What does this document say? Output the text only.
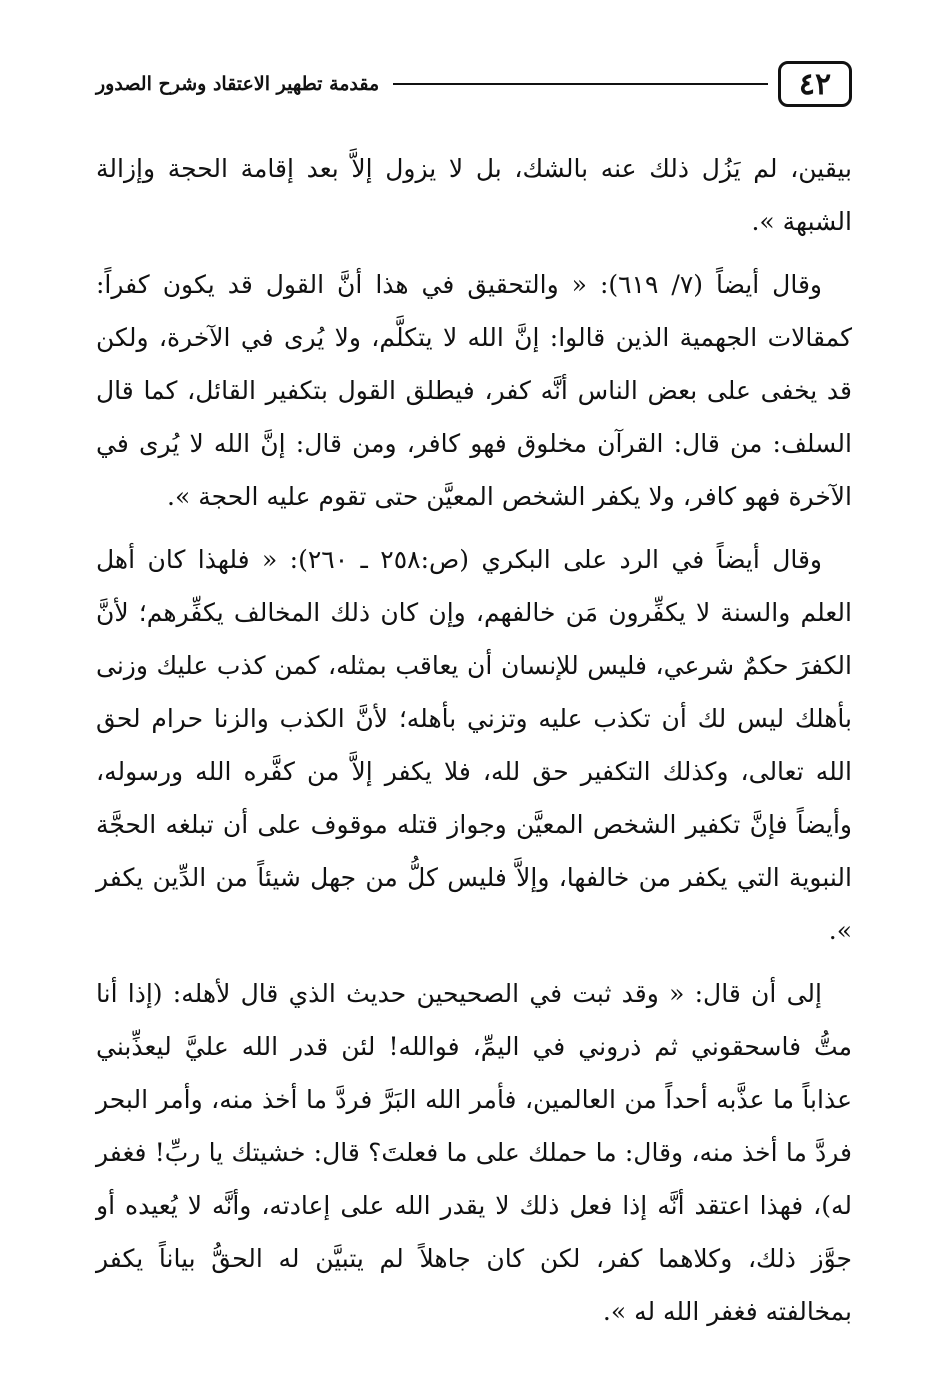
٤٢
مقدمة تطهير الاعتقاد وشرح الصدور

بيقين، لم يَزُل ذلك عنه بالشك، بل لا يزول إلاَّ بعد إقامة الحجة وإزالة الشبهة ».

وقال أيضاً (٧/ ٦١٩): « والتحقيق في هذا أنَّ القول قد يكون كفراً: كمقالات الجهمية الذين قالوا: إنَّ الله لا يتكلَّم، ولا يُرى في الآخرة، ولكن قد يخفى على بعض الناس أنَّه كفر، فيطلق القول بتكفير القائل، كما قال السلف: من قال: القرآن مخلوق فهو كافر، ومن قال: إنَّ الله لا يُرى في الآخرة فهو كافر، ولا يكفر الشخص المعيَّن حتى تقوم عليه الحجة ».

وقال أيضاً في الرد على البكري (ص:٢٥٨ ـ ٢٦٠): « فلهذا كان أهل العلم والسنة لا يكفِّرون مَن خالفهم، وإن كان ذلك المخالف يكفِّرهم؛ لأنَّ الكفرَ حكمٌ شرعي، فليس للإنسان أن يعاقب بمثله، كمن كذب عليك وزنى بأهلك ليس لك أن تكذب عليه وتزني بأهله؛ لأنَّ الكذب والزنا حرام لحق الله تعالى، وكذلك التكفير حق لله، فلا يكفر إلاَّ من كفَّره الله ورسوله، وأيضاً فإنَّ تكفير الشخص المعيَّن وجواز قتله موقوف على أن تبلغه الحجَّة النبوية التي يكفر من خالفها، وإلاَّ فليس كلُّ من جهل شيئاً من الدِّين يكفر ».

إلى أن قال: « وقد ثبت في الصحيحين حديث الذي قال لأهله: (إذا أنا متُّ فاسحقوني ثم ذروني في اليمِّ، فوالله! لئن قدر الله عليَّ ليعذِّبني عذاباً ما عذَّبه أحداً من العالمين، فأمر الله البَرَّ فردَّ ما أخذ منه، وأمر البحر فردَّ ما أخذ منه، وقال: ما حملك على ما فعلتَ؟ قال: خشيتك يا ربِّ! فغفر له)، فهذا اعتقد أنَّه إذا فعل ذلك لا يقدر الله على إعادته، وأنَّه لا يُعيده أو جوَّز ذلك، وكلاهما كفر، لكن كان جاهلاً لم يتبيَّن له الحقُّ بياناً يكفر بمخالفته فغفر الله له ».
